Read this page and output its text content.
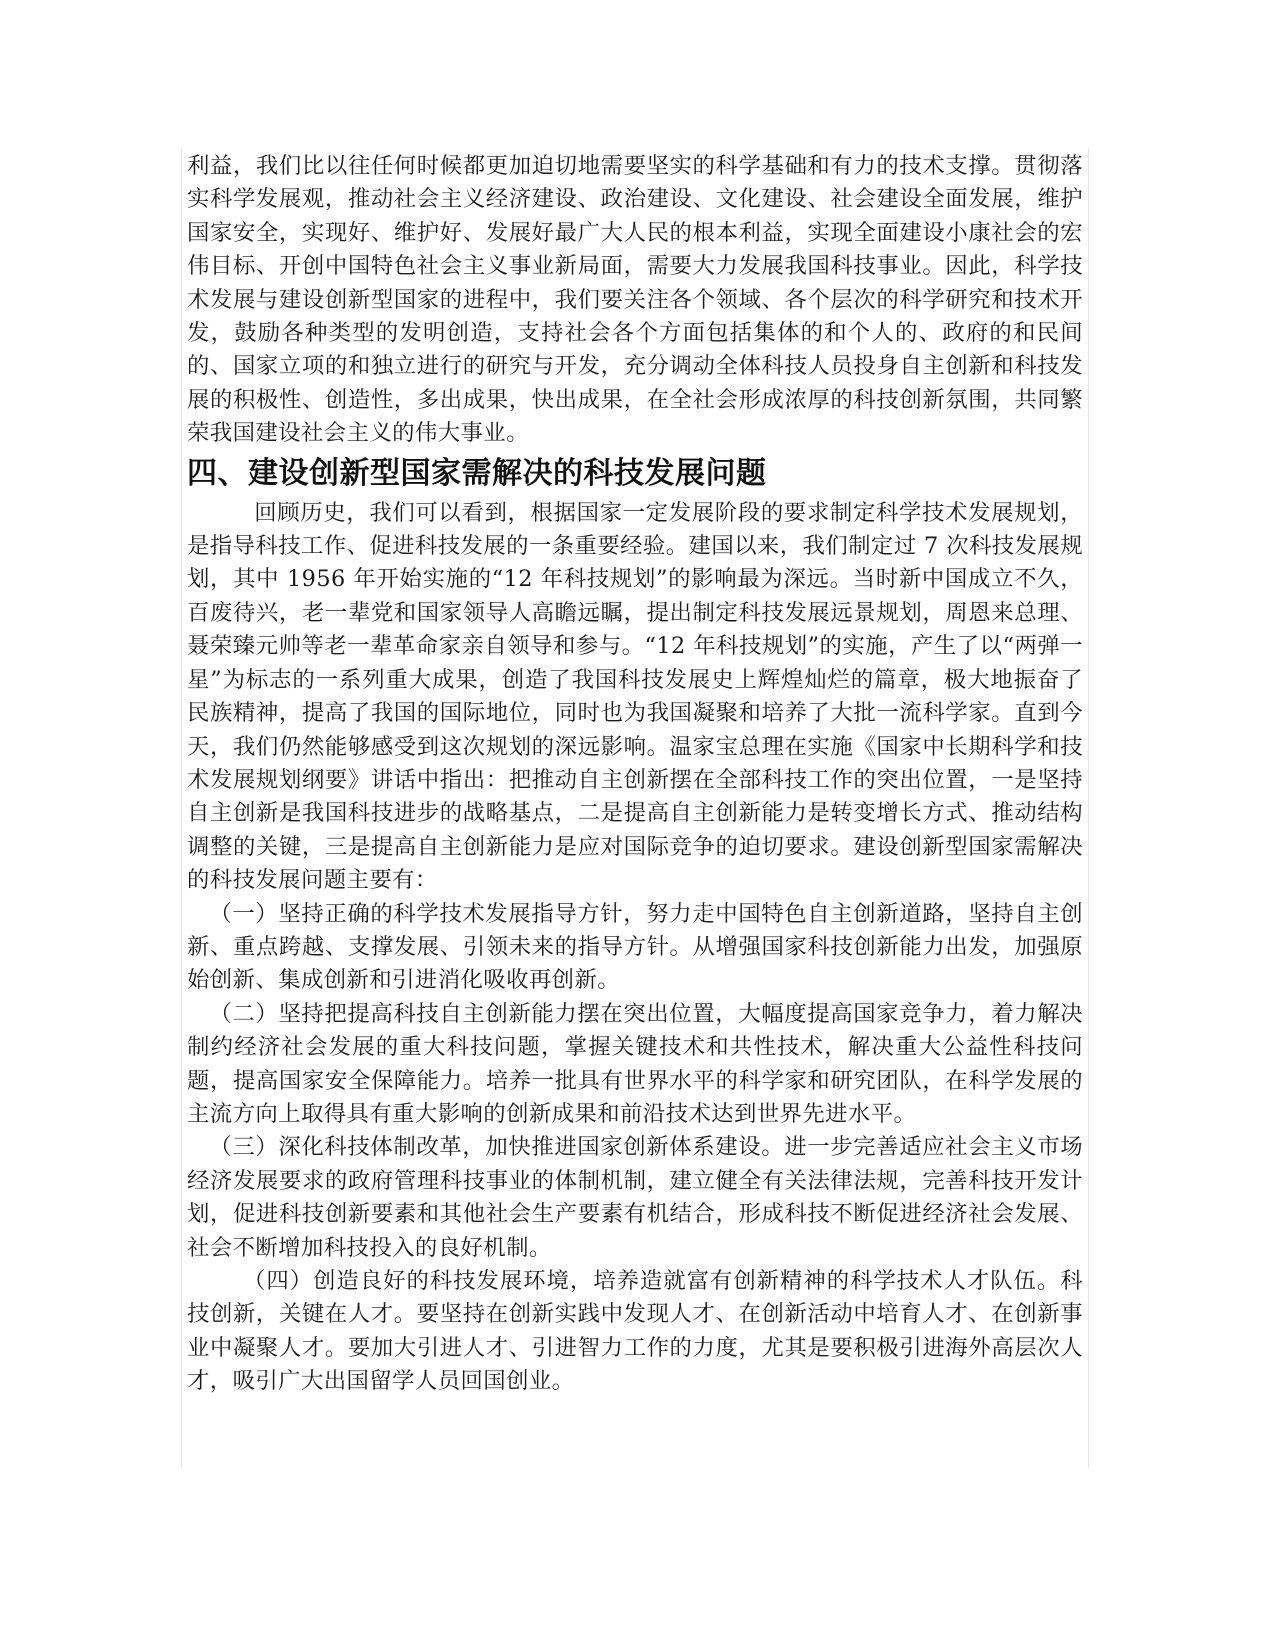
利益，我们比以往任何时候都更加迫切地需要坚实的科学基础和有力的技术支撑。贯彻落实科学发展观，推动社会主义经济建设、政治建设、文化建设、社会建设全面发展，维护国家安全，实现好、维护好、发展好最广大人民的根本利益，实现全面建设小康社会的宏伟目标、开创中国特色社会主义事业新局面，需要大力发展我国科技事业。因此，科学技术发展与建设创新型国家的进程中，我们要关注各个领域、各个层次的科学研究和技术开发，鼓励各种类型的发明创造，支持社会各个方面包括集体的和个人的、政府的和民间的、国家立项的和独立进行的研究与开发，充分调动全体科技人员投身自主创新和科技发展的积极性、创造性，多出成果，快出成果，在全社会形成浓厚的科技创新氛围，共同繁荣我国建设社会主义的伟大事业。

四、建设创新型国家需解决的科技发展问题

回顾历史，我们可以看到，根据国家一定发展阶段的要求制定科学技术发展规划，是指导科技工作、促进科技发展的一条重要经验。建国以来，我们制定过 7 次科技发展规划，其中 1956 年开始实施的“12 年科技规划”的影响最为深远。当时新中国成立不久，百废待兴，老一辈党和国家领导人高瞻远瞩，提出制定科技发展远景规划，周恩来总理、聂荣臻元帅等老一辈革命家亲自领导和参与。“12 年科技规划”的实施，产生了以“两弹一星”为标志的一系列重大成果，创造了我国科技发展史上辉煌灿烂的篇章，极大地振奋了民族精神，提高了我国的国际地位，同时也为我国凝聚和培养了大批一流科学家。直到今天，我们仍然能够感受到这次规划的深远影响。温家宝总理在实施《国家中长期科学和技术发展规划纲要》讲话中指出：把推动自主创新摆在全部科技工作的突出位置，一是坚持自主创新是我国科技进步的战略基点，二是提高自主创新能力是转变增长方式、推动结构调整的关键，三是提高自主创新能力是应对国际竞争的迫切要求。建设创新型国家需解决的科技发展问题主要有：

（一）坚持正确的科学技术发展指导方针，努力走中国特色自主创新道路，坚持自主创新、重点跨越、支撑发展、引领未来的指导方针。从增强国家科技创新能力出发，加强原始创新、集成创新和引进消化吸收再创新。

（二）坚持把提高科技自主创新能力摆在突出位置，大幅度提高国家竞争力，着力解决制约经济社会发展的重大科技问题，掌握关键技术和共性技术，解决重大公益性科技问题，提高国家安全保障能力。培养一批具有世界水平的科学家和研究团队，在科学发展的主流方向上取得具有重大影响的创新成果和前沿技术达到世界先进水平。

（三）深化科技体制改革，加快推进国家创新体系建设。进一步完善适应社会主义市场经济发展要求的政府管理科技事业的体制机制，建立健全有关法律法规，完善科技开发计划，促进科技创新要素和其他社会生产要素有机结合，形成科技不断促进经济社会发展、社会不断增加科技投入的良好机制。

（四）创造良好的科技发展环境，培养造就富有创新精神的科学技术人才队伍。科技创新，关键在人才。要坚持在创新实践中发现人才、在创新活动中培育人才、在创新事业中凝聚人才。要加大引进人才、引进智力工作的力度，尤其是要积极引进海外高层次人才，吸引广大出国留学人员回国创业。
